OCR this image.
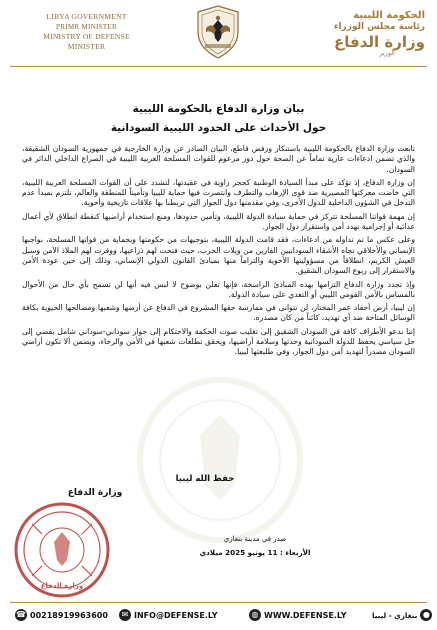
LIBYA GOVERNMENT
PRIMR MINISTER
MINISTRY OF DEFENSE
MINISTER
الحكومة الليبية
رئاسة مجلس الوزراء
وزارة الدفاع
الوزير
بيان وزارة الدفاع بالحكومة الليبية
حول الأحداث على الحدود الليبية السودانية

تابعت وزارة الدفاع بالحكومة الليبية باستنكار ورفض قاطع، البيان الصادر عن وزارة الخارجية في جمهورية السودان الشقيقة، والذي تضمن ادعاءات عارية تماماً عن الصحة حول دور مزعوم للقوات المسلحة العربية الليبية في الصراع الداخلي الدائر في السودان.

إن وزارة الدفاع، إذ تؤكد على مبدأ السيادة الوطنية كحجر زاوية في عقيدتها، لتشدد على أن القوات المسلحة العربية الليبية، التي خاضت معركتها المصيرية ضد قوى الإرهاب والتطرف وانتصرت فيها حماية لليبيا وتأميناً للمنطقة والعالم، تلتزم بمبدأ عدم التدخل في الشؤون الداخلية للدول الأخرى، وفي مقدمتها دول الجوار التي تربطنا بها علاقات تاريخية وأخوية.

إن مهمة قواتنا المسلحة تتركز في حماية سيادة الدولة الليبية، وتأمين حدودها، ومنع استخدام أراضيها كنقطة انطلاق لأي أعمال عدائية أو إجرامية تهدد أمن واستقرار دول الجوار.

وعلى عكس ما تم تداوله من ادعاءات، فقد قامت الدولة الليبية، بتوجيهات من حكومتها وبحماية من قواتها المسلحة، بواجبها الإنساني والأخلاقي تجاه الأشقاء السودانيين الفارين من ويلات الحرب، حيث فتحت لهم ذراعيها، ووفرت لهم الملاذ الآمن وسبل العيش الكريم، انطلاقاً من مسؤوليتها الأخوية والتزاماً منها بمبادئ القانون الدولي الإنساني، وذلك إلى حين عودة الأمن والاستقرار إلى ربوع السودان الشقيق.

وإذ تجدد وزارة الدفاع التزامها بهذه المبادئ الراسخة، فإنها تعلن بوضوح لا لبس فيه أنها لن تسمح بأي حال من الأحوال بالمساس بالأمن القومي الليبي أو التعدي على سيادة الدولة.

إن ليبيا، أرض أحفاد عمر المختار، لن تتوانى في ممارسة حقها المشروع في الدفاع عن أرضها وشعبها ومصالحها الحيوية بكافة الوسائل المتاحة ضد أي تهديد، كائناً من كان مصدره.

إننا ندعو الأطراف كافة في السودان الشقيق إلى تغليب صوت الحكمة والاحتكام إلى حوار سوداني-سوداني شامل يفضي إلى حل سياسي يحفظ للدولة السودانية وحدتها وسلامة أراضيها، ويحقق تطلعات شعبها في الأمن والرخاء، ويضمن ألا تكون أراضي السودان مصدراً لتهديد أمن دول الجوار، وفي طليعتها ليبيا.

حفظ الله ليبيا
وزارة الدفاع
وزارة الدفاع
صدر في مدينة بنغازي
الأربعاء : 11 يونيو 2025 ميلادي
☎ 00218919963600	✉ INFO@DEFENSE.LY	◍ WWW.DEFENSE.LY	●
بنغازي - ليبيا
